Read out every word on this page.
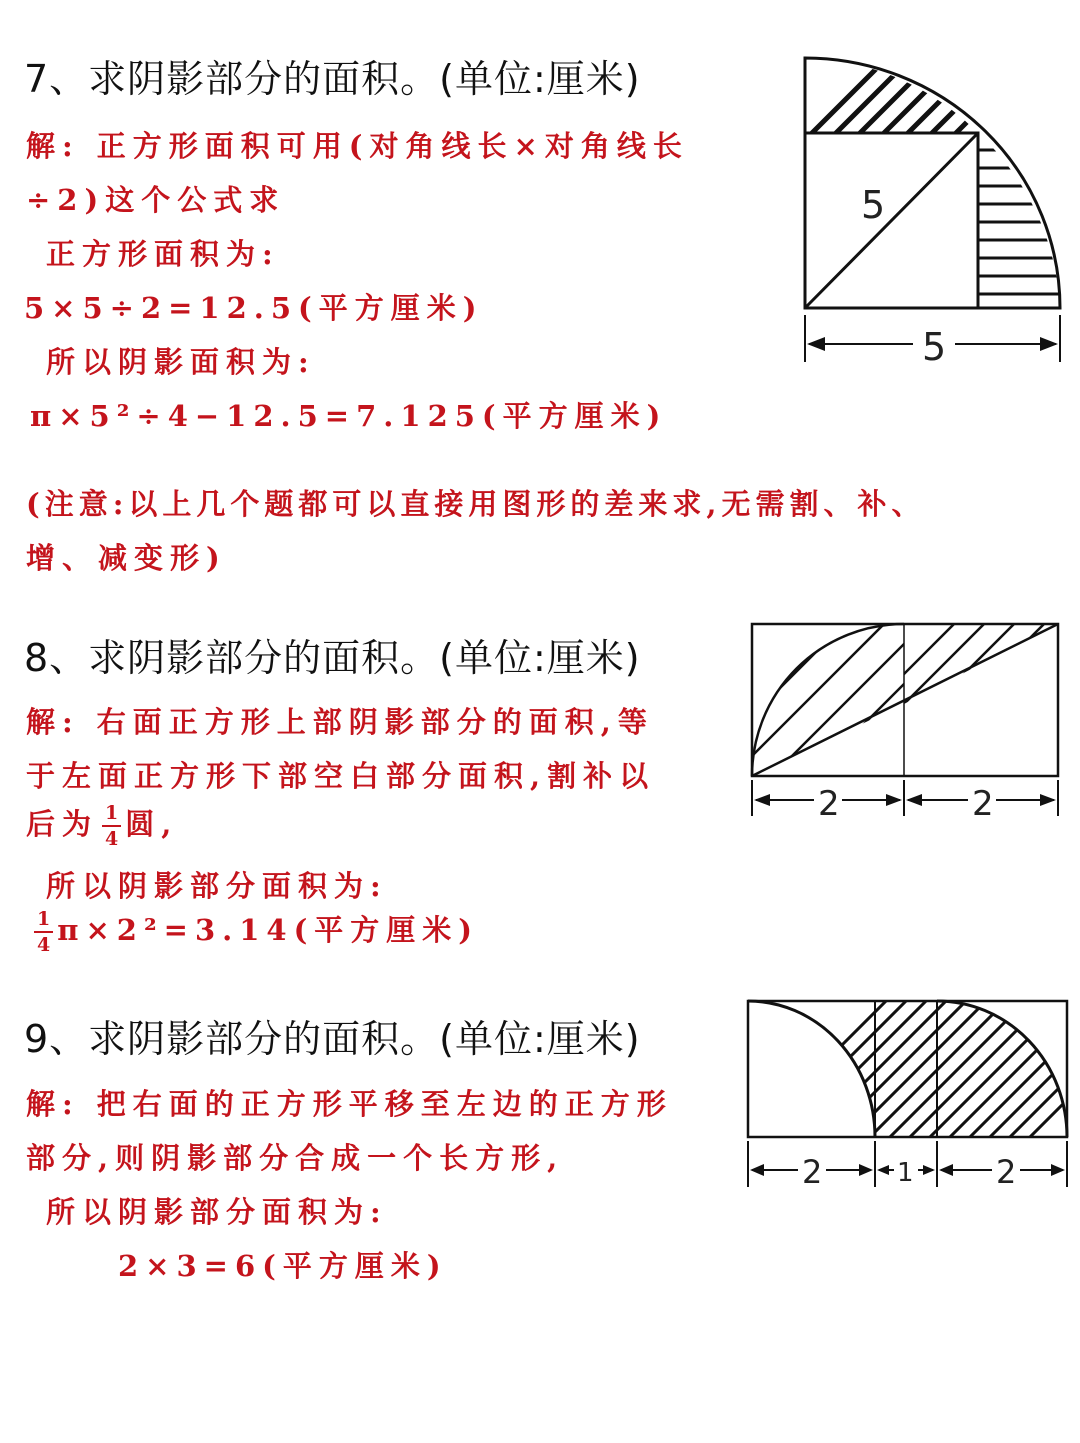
7、求阴影部分的面积。(单位:厘米)
解: 正方形面积可用(对角线长×对角线长
÷2)这个公式求
正方形面积为:
5×5÷2=12.5(平方厘米)
所以阴影面积为:
π×5²÷4−12.5=7.125(平方厘米)
(注意:以上几个题都可以直接用图形的差来求,无需割、补、
增、减变形)
5
5
8、求阴影部分的面积。(单位:厘米)
解: 右面正方形上部阴影部分的面积,等
于左面正方形下部空白部分面积,割补以
后为 $\frac{1}{4}$ 圆,
所以阴影部分面积为:
$\frac{1}{4} \pi\times 2^2=3.14$(平方厘米)
2	2
9、求阴影部分的面积。(单位:厘米)
解: 把右面的正方形平移至左边的正方形
部分,则阴影部分合成一个长方形,
所以阴影部分面积为:
2×3=6(平方厘米)
2	1	2
